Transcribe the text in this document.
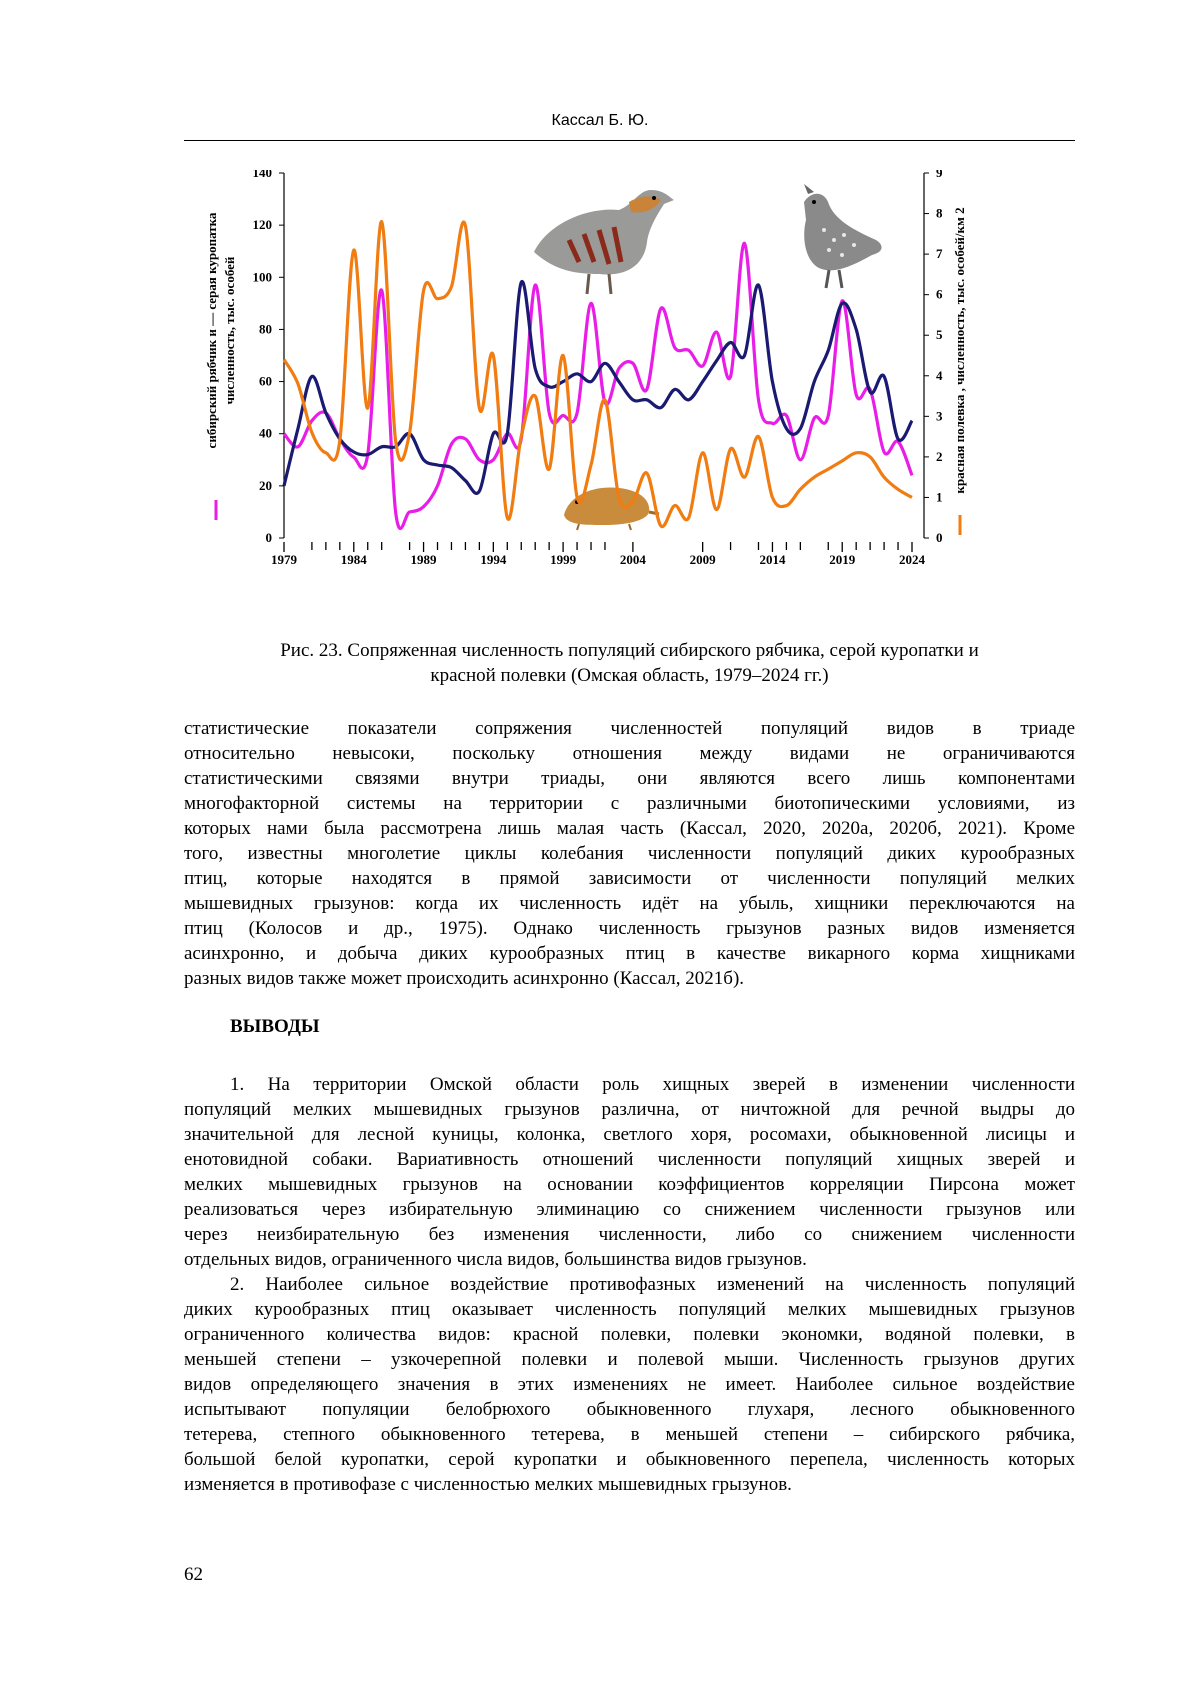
Кассал Б. Ю.
0
20
40
60
80
100
120
140
0
1
2
3
4
5
6
7
8
9
1979	1984	1989	1994	1999	2004	2009	2014	2019	2024
сибирский рябчик и — серая куропатка численность, тыс. особей	красная полевка , численность, тыс. особей/км 2
Рис. 23. Сопряженная численность популяций сибирского рябчика, серой куропатки и
красной полевки (Омская область, 1979–2024 гг.)
статистические показатели сопряжения численностей популяций видов в триаде
относительно невысоки, поскольку отношения между видами не ограничиваются
статистическими связями внутри триады, они являются всего лишь компонентами
многофакторной системы на территории с различными биотопическими условиями, из
которых нами была рассмотрена лишь малая часть (Кассал, 2020, 2020а, 2020б, 2021). Кроме
того, известны многолетие циклы колебания численности популяций диких курообразных
птиц, которые находятся в прямой зависимости от численности популяций мелких
мышевидных грызунов: когда их численность идёт на убыль, хищники переключаются на
птиц (Колосов и др., 1975). Однако численность грызунов разных видов изменяется
асинхронно, и добыча диких курообразных птиц в качестве викарного корма хищниками
разных видов также может происходить асинхронно (Кассал, 2021б).
ВЫВОДЫ
1. На территории Омской области роль хищных зверей в изменении численности
популяций мелких мышевидных грызунов различна, от ничтожной для речной выдры до
значительной для лесной куницы, колонка, светлого хоря, росомахи, обыкновенной лисицы и
енотовидной собаки. Вариативность отношений численности популяций хищных зверей и
мелких мышевидных грызунов на основании коэффициентов корреляции Пирсона может
реализоваться через избирательную элиминацию со снижением численности грызунов или
через неизбирательную без изменения численности, либо со снижением численности
отдельных видов, ограниченного числа видов, большинства видов грызунов.
2. Наиболее сильное воздействие противофазных изменений на численность популяций
диких курообразных птиц оказывает численность популяций мелких мышевидных грызунов
ограниченного количества видов: красной полевки, полевки экономки, водяной полевки, в
меньшей степени – узкочерепной полевки и полевой мыши. Численность грызунов других
видов определяющего значения в этих изменениях не имеет. Наиболее сильное воздействие
испытывают популяции белобрюхого обыкновенного глухаря, лесного обыкновенного
тетерева, степного обыкновенного тетерева, в меньшей степени – сибирского рябчика,
большой белой куропатки, серой куропатки и обыкновенного перепела, численность которых
изменяется в противофазе с численностью мелких мышевидных грызунов.
62
